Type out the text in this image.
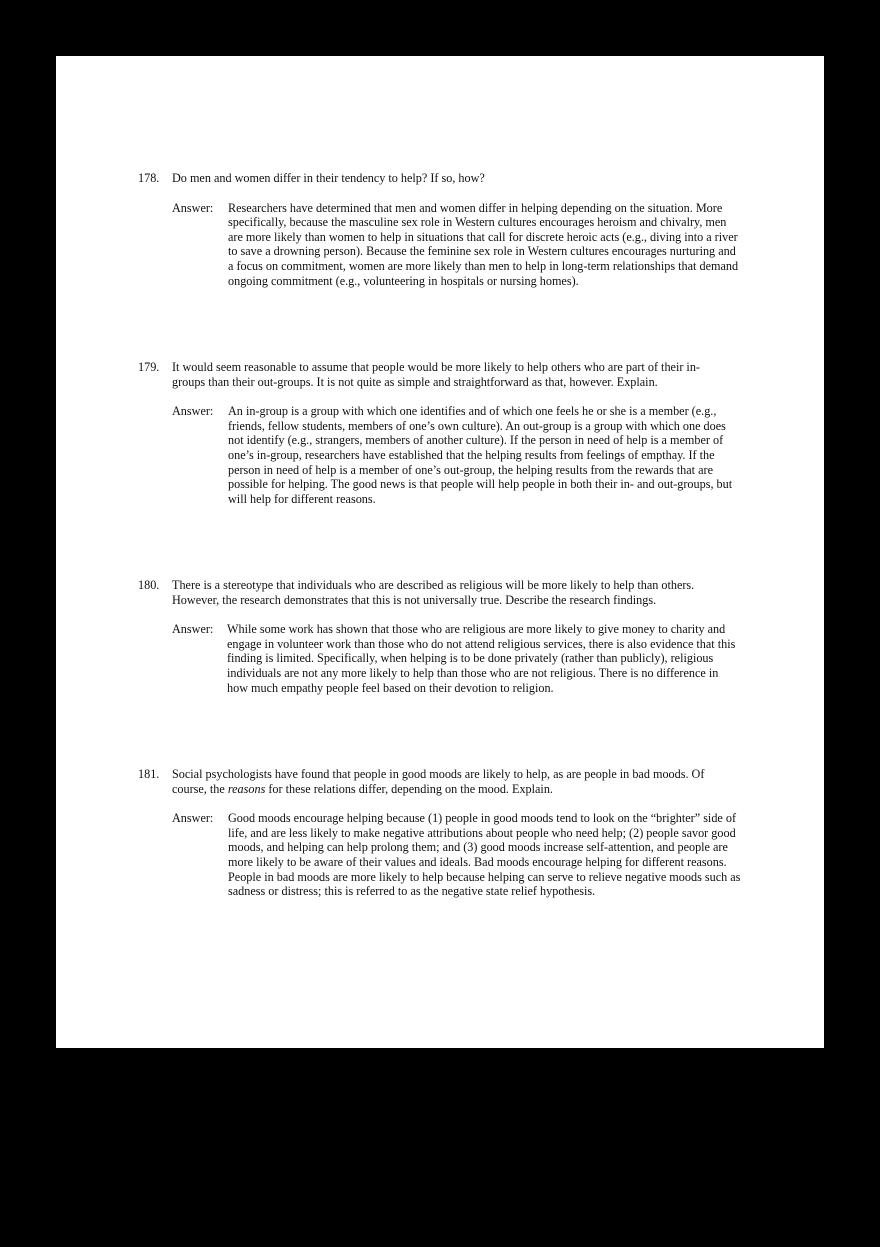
178. Do men and women differ in their tendency to help? If so, how?
Answer: Researchers have determined that men and women differ in helping depending on the situation. More specifically, because the masculine sex role in Western cultures encourages heroism and chivalry, men are more likely than women to help in situations that call for discrete heroic acts (e.g., diving into a river to save a drowning person). Because the feminine sex role in Western cultures encourages nurturing and a focus on commitment, women are more likely than men to help in long-term relationships that demand ongoing commitment (e.g., volunteering in hospitals or nursing homes).
179. It would seem reasonable to assume that people would be more likely to help others who are part of their in-groups than their out-groups. It is not quite as simple and straightforward as that, however. Explain.
Answer: An in-group is a group with which one identifies and of which one feels he or she is a member (e.g., friends, fellow students, members of one’s own culture). An out-group is a group with which one does not identify (e.g., strangers, members of another culture). If the person in need of help is a member of one’s in-group, researchers have established that the helping results from feelings of empthay. If the person in need of help is a member of one’s out-group, the helping results from the rewards that are possible for helping. The good news is that people will help people in both their in- and out-groups, but will help for different reasons.
180. There is a stereotype that individuals who are described as religious will be more likely to help than others. However, the research demonstrates that this is not universally true. Describe the research findings.
Answer: While some work has shown that those who are religious are more likely to give money to charity and engage in volunteer work than those who do not attend religious services, there is also evidence that this finding is limited. Specifically, when helping is to be done privately (rather than publicly), religious individuals are not any more likely to help than those who are not religious. There is no difference in how much empathy people feel based on their devotion to religion.
181. Social psychologists have found that people in good moods are likely to help, as are people in bad moods. Of course, the reasons for these relations differ, depending on the mood. Explain.
Answer: Good moods encourage helping because (1) people in good moods tend to look on the “brighter” side of life, and are less likely to make negative attributions about people who need help; (2) people savor good moods, and helping can help prolong them; and (3) good moods increase self-attention, and people are more likely to be aware of their values and ideals. Bad moods encourage helping for different reasons. People in bad moods are more likely to help because helping can serve to relieve negative moods such as sadness or distress; this is referred to as the negative state relief hypothesis.
